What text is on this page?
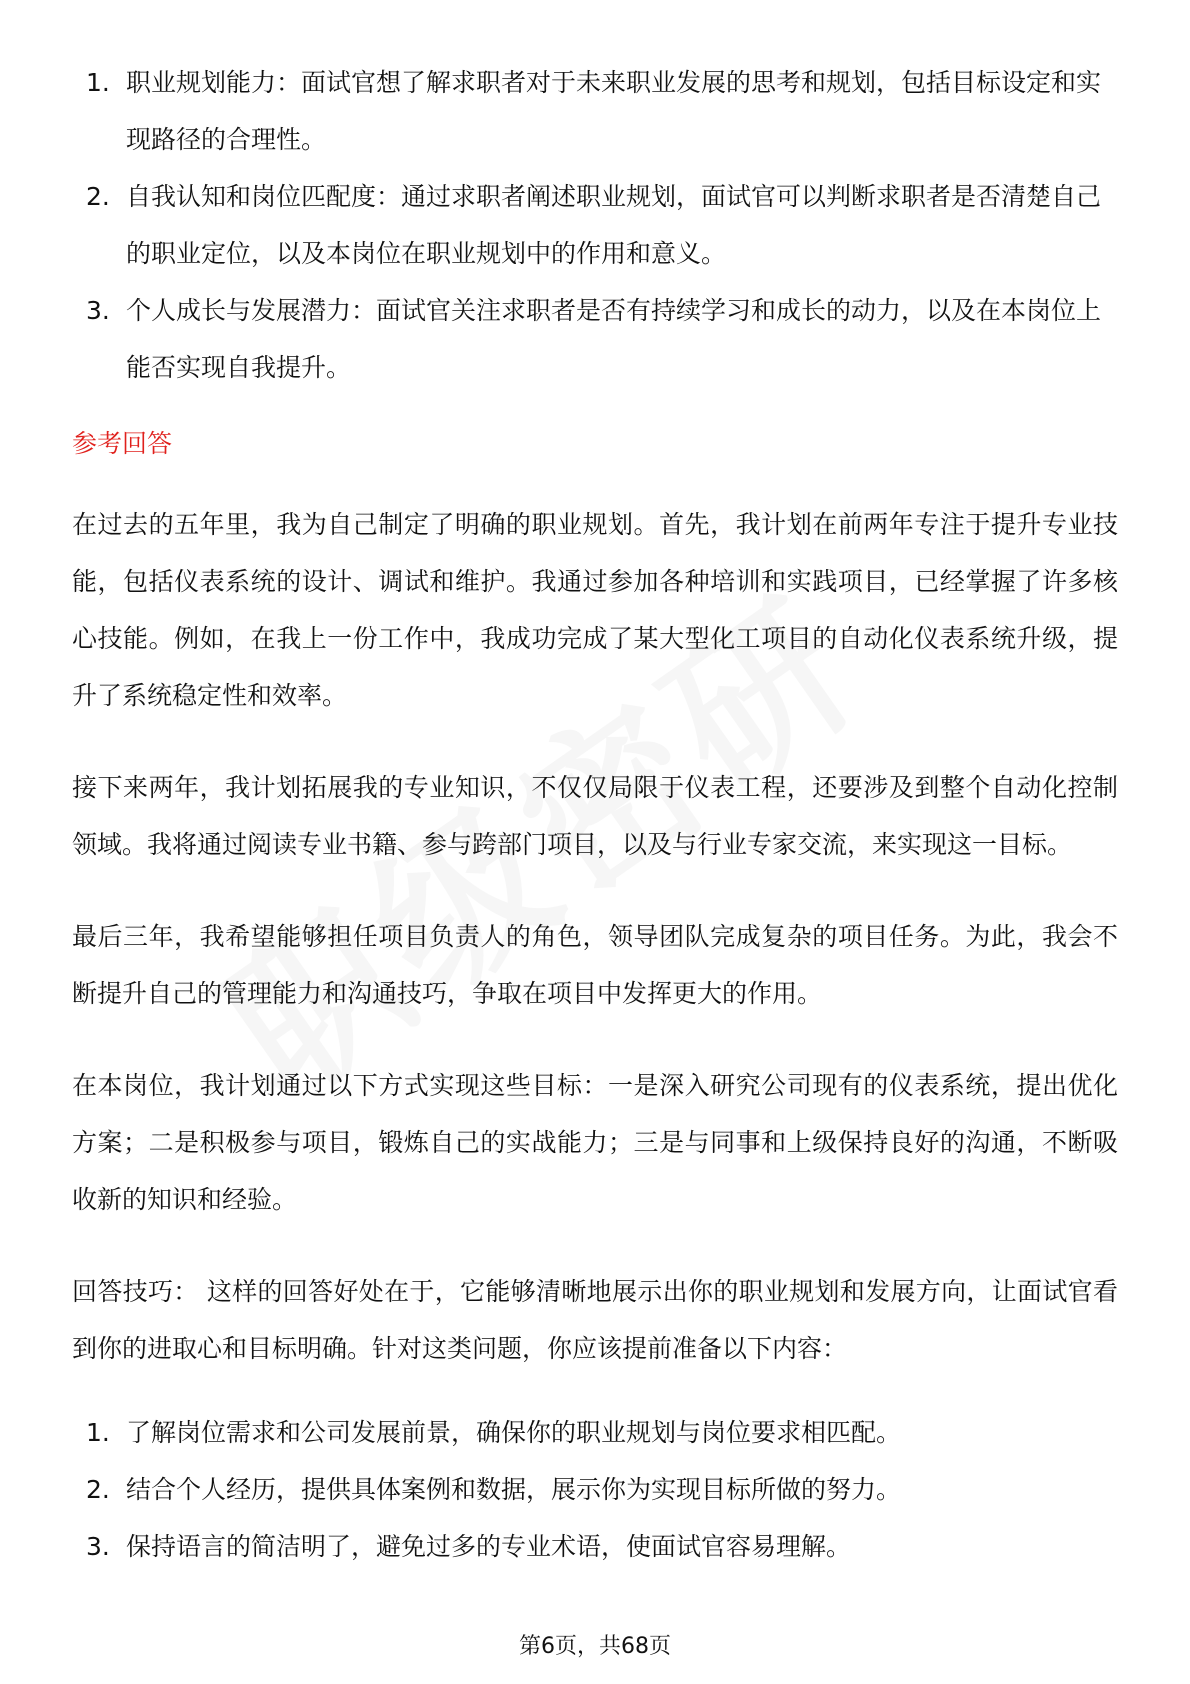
1. 职业规划能力：面试官想了解求职者对于未来职业发展的思考和规划，包括目标设定和实现路径的合理性。
2. 自我认知和岗位匹配度：通过求职者阐述职业规划，面试官可以判断求职者是否清楚自己的职业定位，以及本岗位在职业规划中的作用和意义。
3. 个人成长与发展潜力：面试官关注求职者是否有持续学习和成长的动力，以及在本岗位上能否实现自我提升。
参考回答

在过去的五年里，我为自己制定了明确的职业规划。首先，我计划在前两年专注于提升专业技能，包括仪表系统的设计、调试和维护。我通过参加各种培训和实践项目，已经掌握了许多核心技能。例如，在我上一份工作中，我成功完成了某大型化工项目的自动化仪表系统升级，提升了系统稳定性和效率。

接下来两年，我计划拓展我的专业知识，不仅仅局限于仪表工程，还要涉及到整个自动化控制领域。我将通过阅读专业书籍、参与跨部门项目，以及与行业专家交流，来实现这一目标。

最后三年，我希望能够担任项目负责人的角色，领导团队完成复杂的项目任务。为此，我会不断提升自己的管理能力和沟通技巧，争取在项目中发挥更大的作用。

在本岗位，我计划通过以下方式实现这些目标：一是深入研究公司现有的仪表系统，提出优化方案；二是积极参与项目，锻炼自己的实战能力；三是与同事和上级保持良好的沟通，不断吸收新的知识和经验。

回答技巧： 这样的回答好处在于，它能够清晰地展示出你的职业规划和发展方向，让面试官看到你的进取心和目标明确。针对这类问题，你应该提前准备以下内容：

1. 了解岗位需求和公司发展前景，确保你的职业规划与岗位要求相匹配。
2. 结合个人经历，提供具体案例和数据，展示你为实现目标所做的努力。
3. 保持语言的简洁明了，避免过多的专业术语，使面试官容易理解。
第6页，共68页
